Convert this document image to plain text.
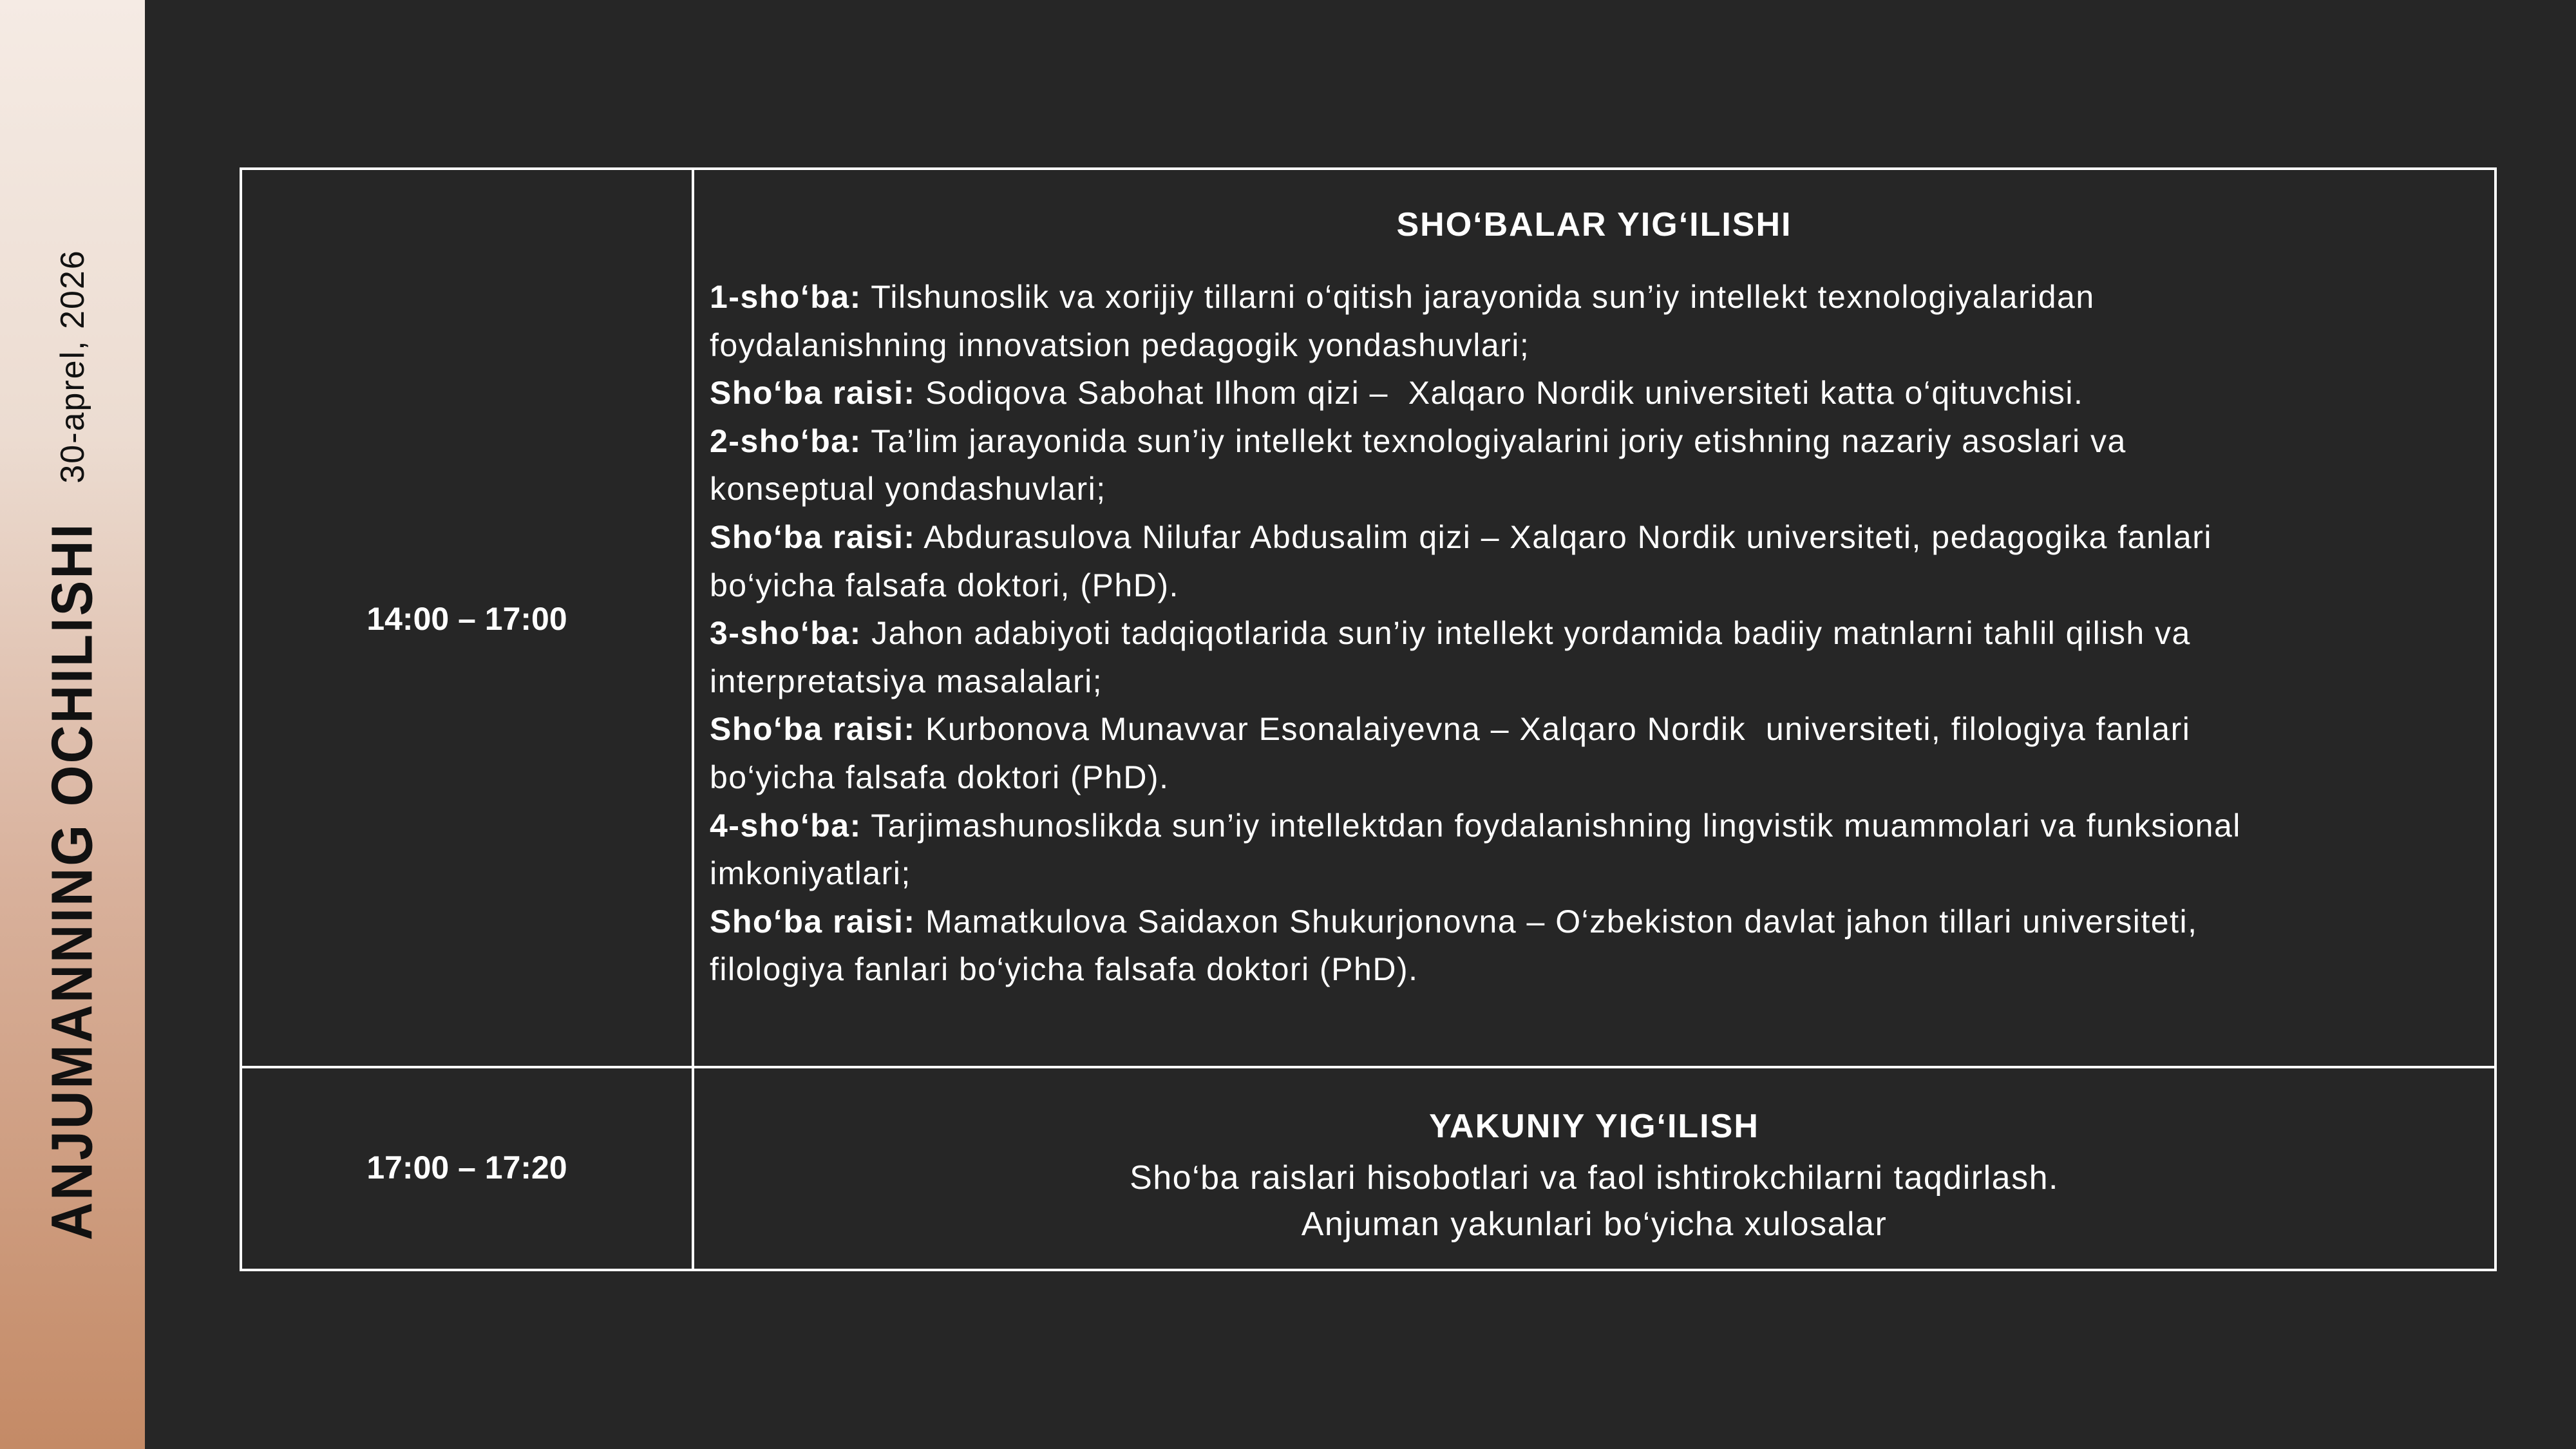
ANJUMANNING OCHILISHI
30-aprel, 2026
14:00 – 17:00
SHO‘BALAR YIG‘ILISHI
1-sho‘ba: Tilshunoslik va xorijiy tillarni o‘qitish jarayonida sun’iy intellekt texnologiyalaridan
foydalanishning innovatsion pedagogik yondashuvlari;
Sho‘ba raisi: Sodiqova Sabohat Ilhom qizi –  Xalqaro Nordik universiteti katta o‘qituvchisi.
2-sho‘ba: Ta’lim jarayonida sun’iy intellekt texnologiyalarini joriy etishning nazariy asoslari va
konseptual yondashuvlari;
Sho‘ba raisi: Abdurasulova Nilufar Abdusalim qizi – Xalqaro Nordik universiteti, pedagogika fanlari
bo‘yicha falsafa doktori, (PhD).
3-sho‘ba: Jahon adabiyoti tadqiqotlarida sun’iy intellekt yordamida badiiy matnlarni tahlil qilish va
interpretatsiya masalalari;
Sho‘ba raisi: Kurbonova Munavvar Esonalaiyevna – Xalqaro Nordik  universiteti, filologiya fanlari
bo‘yicha falsafa doktori (PhD).
4-sho‘ba: Tarjimashunoslikda sun’iy intellektdan foydalanishning lingvistik muammolari va funksional
imkoniyatlari;
Sho‘ba raisi: Mamatkulova Saidaxon Shukurjonovna – O‘zbekiston davlat jahon tillari universiteti,
filologiya fanlari bo‘yicha falsafa doktori (PhD).
17:00 – 17:20
YAKUNIY YIG‘ILISH
Sho‘ba raislari hisobotlari va faol ishtirokchilarni taqdirlash.
Anjuman yakunlari bo‘yicha xulosalar
